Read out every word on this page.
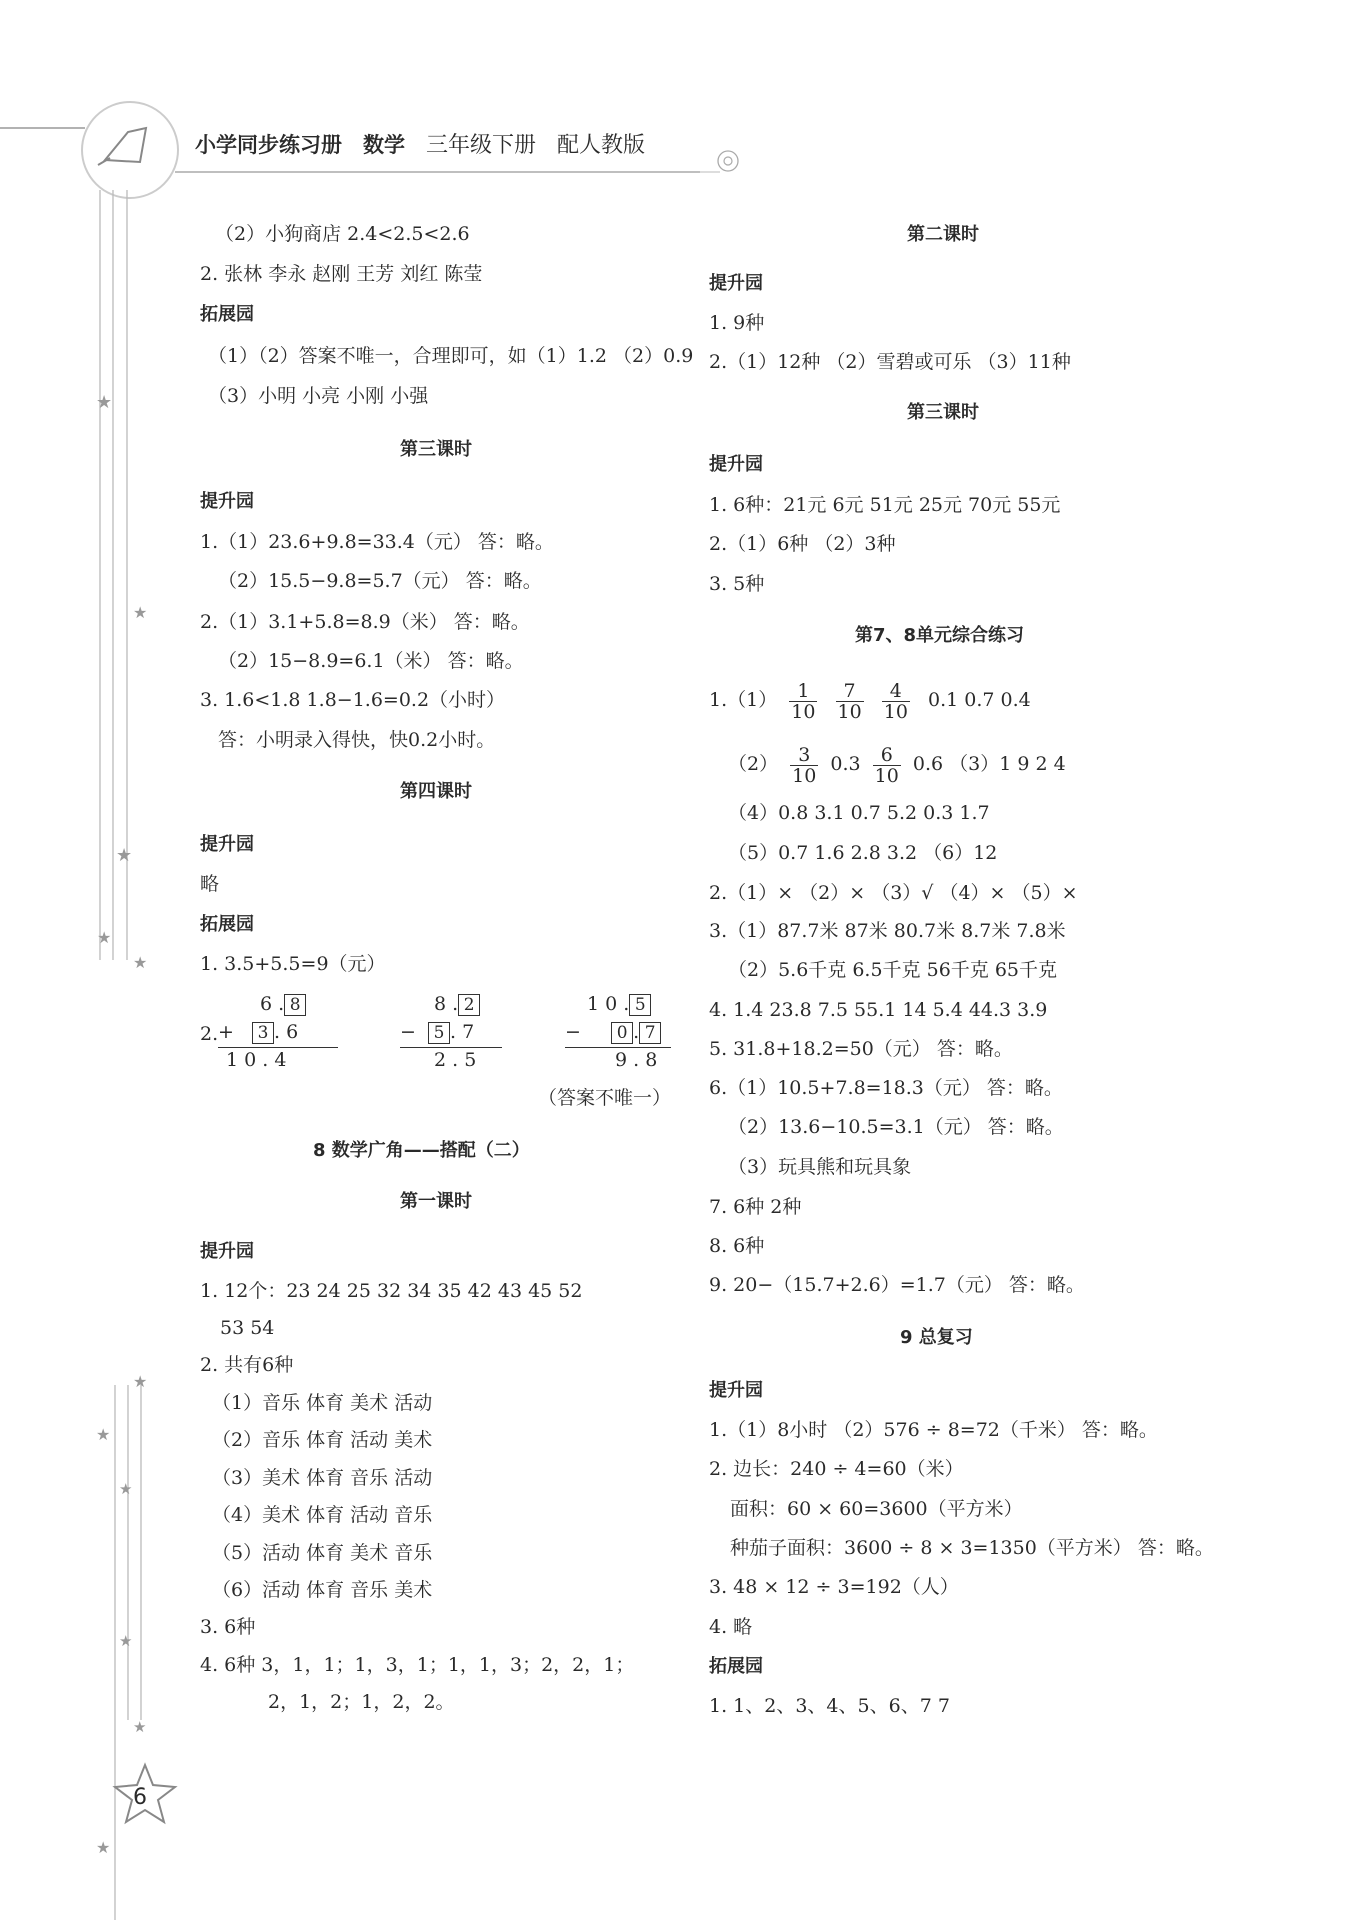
★
★
★
★
★
★
★
★
★
★
★
小学同步练习册 数学 三年级下册 配人教版
6
（2）小狗商店 2.4<2.5<2.6
2. 张林 李永 赵刚 王芳 刘红 陈莹
拓展园
（1）（2）答案不唯一，合理即可，如（1）1.2 （2）0.9
（3）小明 小亮 小刚 小强
第三课时
提升园
1.（1）23.6+9.8=33.4（元） 答：略。
（2）15.5−9.8=5.7（元） 答：略。
2.（1）3.1+5.8=8.9（米） 答：略。
（2）15−8.9=6.1（米） 答：略。
3. 1.6<1.8 1.8−1.6=0.2（小时）
答：小明录入得快，快0.2小时。
第四课时
提升园
略
拓展园
1. 3.5+5.5=9（元）
2.
6 . 8
+ 3 . 6
1 0 . 4
8 . 2
− 5 . 7
2 . 5
1 0 . 5
− 0 . 7
9 . 8
（答案不唯一）
8 数学广角——搭配（二）
第一课时
提升园
1. 12个：23 24 25 32 34 35 42 43 45 52
53 54
2. 共有6种
（1）音乐 体育 美术 活动
（2）音乐 体育 活动 美术
（3）美术 体育 音乐 活动
（4）美术 体育 活动 音乐
（5）活动 体育 美术 音乐
（6）活动 体育 音乐 美术
3. 6种
4. 6种 3，1，1；1，3，1；1，1，3；2，2，1；
2，1，2；1，2，2。
第二课时
提升园
1. 9种
2.（1）12种 （2）雪碧或可乐 （3）11种
第三课时
提升园
1. 6种：21元 6元 51元 25元 70元 55元
2.（1）6种 （2）3种
3. 5种
第7、8单元综合练习
$1.(1) \frac{1}{10}$
$\frac{7}{10}$
$\frac{4}{10} 0.1$ 0.7 0.4
$(2) \frac{3}{10} 0.3 \frac{6}{10} 0.6$ （3）1 9 2 4
（4）0.8 3.1 0.7 5.2 0.3 1.7
（5）0.7 1.6 2.8 3.2 （6）12
2.（1）× （2）× （3）√ （4）× （5）×
3.（1）87.7米 87米 80.7米 8.7米 7.8米
（2）5.6千克 6.5千克 56千克 65千克
4. 1.4 23.8 7.5 55.1 14 5.4 44.3 3.9
5. 31.8+18.2=50（元） 答：略。
6.（1）10.5+7.8=18.3（元） 答：略。
（2）13.6−10.5=3.1（元） 答：略。
（3）玩具熊和玩具象
7. 6种 2种
8. 6种
9. 20−（15.7+2.6）=1.7（元） 答：略。
9 总复习
提升园
1.（1）8小时 （2）576 ÷ 8=72（千米） 答：略。
2. 边长：240 ÷ 4=60（米）
面积：60 × 60=3600（平方米）
种茄子面积：3600 ÷ 8 × 3=1350（平方米） 答：略。
3. 48 × 12 ÷ 3=192（人）
4. 略
拓展园
1. 1、2、3、4、5、6、7 7
